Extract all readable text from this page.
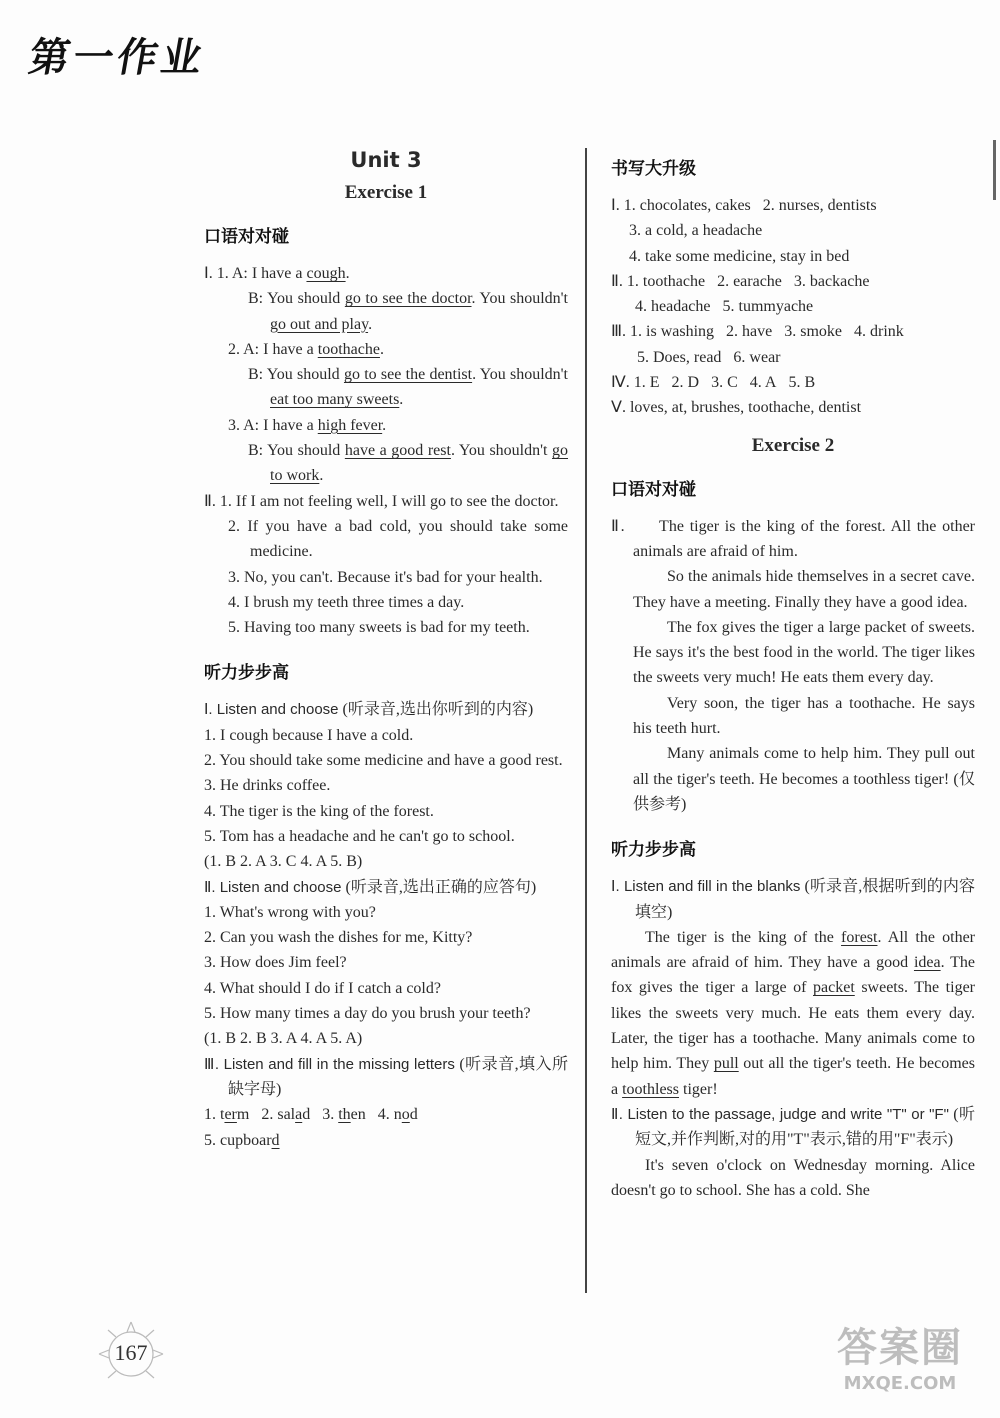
第一作业
Unit 3
Exercise 1
口语对对碰
Ⅰ. 1. A: I have a cough.
B: You should go to see the doctor. You shouldn't go out and play.
2. A: I have a toothache.
B: You should go to see the dentist. You shouldn't eat too many sweets.
3. A: I have a high fever.
B: You should have a good rest. You shouldn't go to work.
Ⅱ. 1. If I am not feeling well, I will go to see the doctor.
2. If you have a bad cold, you should take some medicine.
3. No, you can't. Because it's bad for your health.
4. I brush my teeth three times a day.
5. Having too many sweets is bad for my teeth.
听力步步高
Ⅰ. Listen and choose (听录音,选出你听到的内容)
1. I cough because I have a cold.
2. You should take some medicine and have a good rest.
3. He drinks coffee.
4. The tiger is the king of the forest.
5. Tom has a headache and he can't go to school.
(1. B 2. A 3. C 4. A 5. B)
Ⅱ. Listen and choose (听录音,选出正确的应答句)
1. What's wrong with you?
2. Can you wash the dishes for me, Kitty?
3. How does Jim feel?
4. What should I do if I catch a cold?
5. How many times a day do you brush your teeth?
(1. B 2. B 3. A 4. A 5. A)
Ⅲ. Listen and fill in the missing letters (听录音,填入所缺字母)
1. term   2. salad   3. then   4. nod
5. cupboard
书写大升级
Ⅰ. 1. chocolates, cakes   2. nurses, dentists
3. a cold, a headache
4. take some medicine, stay in bed
Ⅱ. 1. toothache   2. earache   3. backache
4. headache   5. tummyache
Ⅲ. 1. is washing   2. have   3. smoke   4. drink
5. Does, read   6. wear
Ⅳ. 1. E   2. D   3. C   4. A   5. B
Ⅴ. loves, at, brushes, toothache, dentist
Exercise 2
口语对对碰
Ⅱ.      The tiger is the king of the forest. All the other animals are afraid of him.
So the animals hide themselves in a secret cave. They have a meeting. Finally they have a good idea.
The fox gives the tiger a large packet of sweets. He says it's the best food in the world. The tiger likes the sweets very much! He eats them every day.
Very soon, the tiger has a toothache. He says his teeth hurt.
Many animals come to help him. They pull out all the tiger's teeth. He becomes a toothless tiger! (仅供参考)
听力步步高
Ⅰ. Listen and fill in the blanks (听录音,根据听到的内容填空)
The tiger is the king of the forest. All the other animals are afraid of him. They have a good idea. The fox gives the tiger a large of packet sweets. The tiger likes the sweets very much. He eats them every day. Later, the tiger has a toothache. Many animals come to help him. They pull out all the tiger's teeth. He becomes a toothless tiger!
Ⅱ. Listen to the passage, judge and write "T" or "F" (听短文,并作判断,对的用"T"表示,错的用"F"表示)
It's seven o'clock on Wednesday morning. Alice doesn't go to school. She has a cold. She
167	答案圈
MXQE.COM
